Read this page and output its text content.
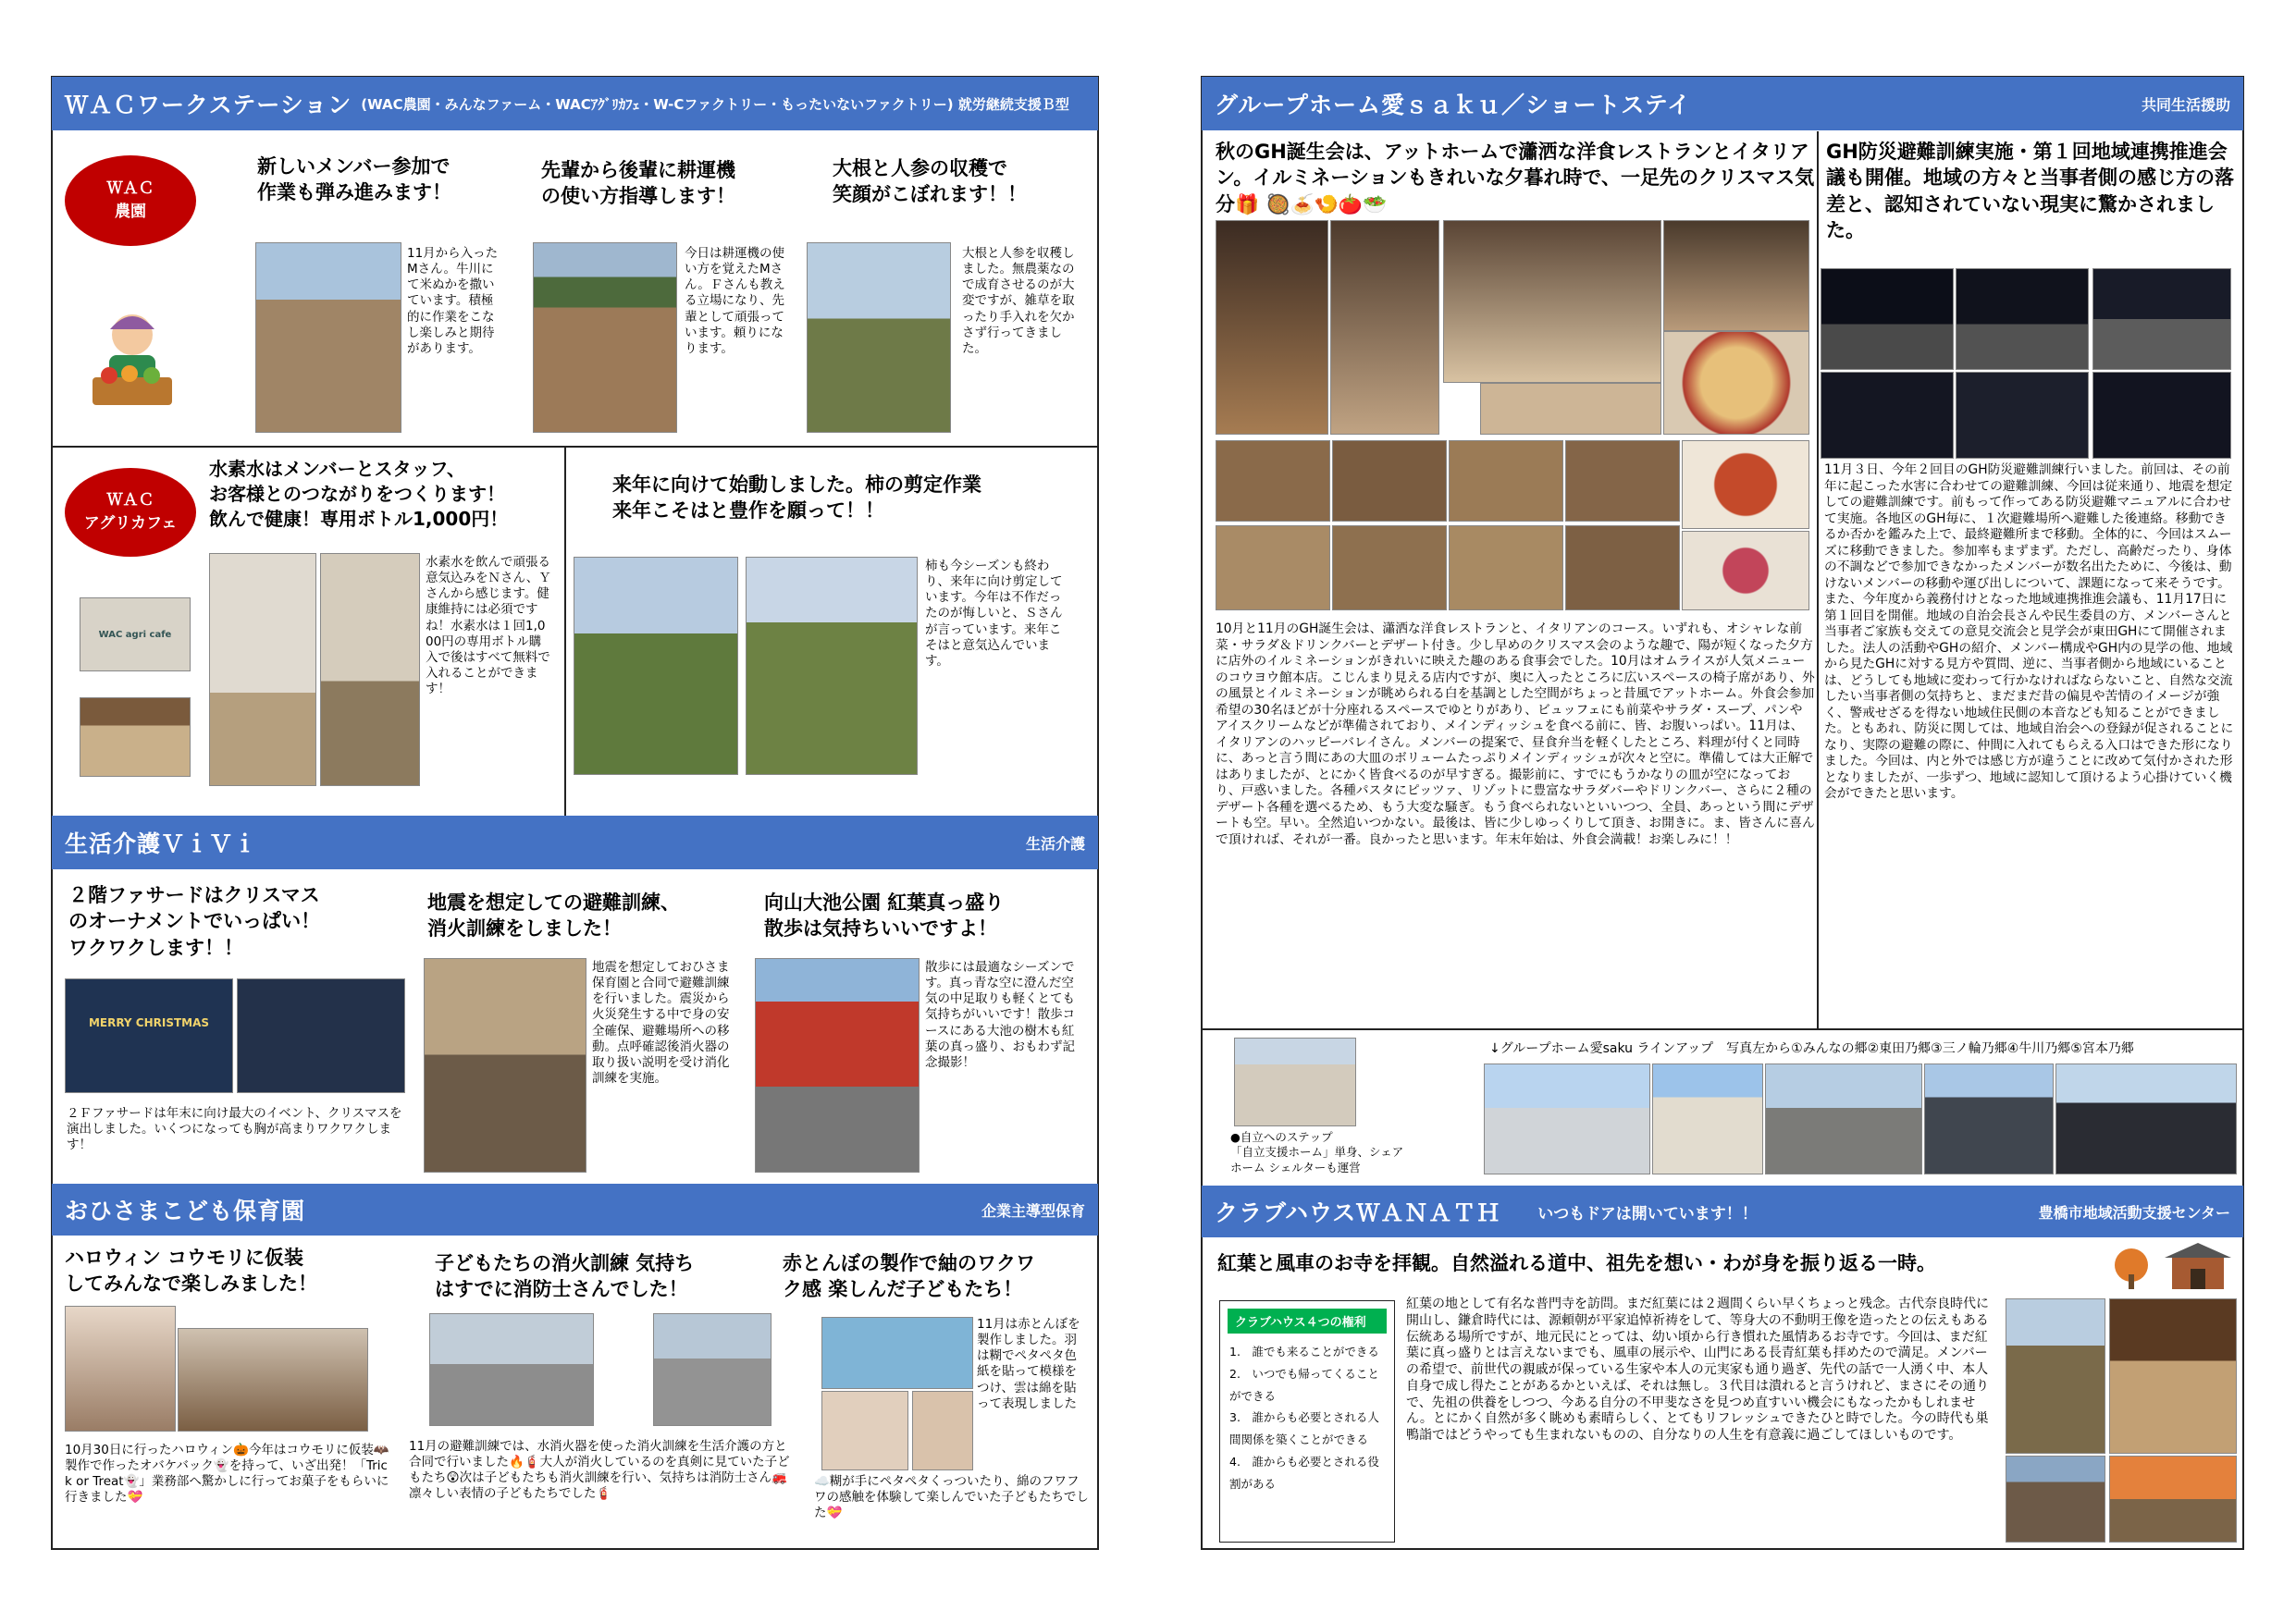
ＷＡＣワークステーション (WAC農園・みんなファーム・WACｱｸﾞﾘｶﾌｪ・W-Cファクトリー・もったいないファクトリー) 就労継続支援Ｂ型
ＷＡＣ
農園
新しいメンバー参加で
作業も弾み進みます！
11月から入ったMさん。牛川にて米ぬかを撒いています。積極的に作業をこなし楽しみと期待があります。
先輩から後輩に耕運機
の使い方指導します！
今日は耕運機の使い方を覚えたMさん。Ｆさんも教える立場になり、先輩として頑張っています。頼りになります。
大根と人参の収穫で
笑顔がこぼれます！！
大根と人参を収穫しました。無農薬なので成育させるのが大変ですが、雑草を取ったり手入れを欠かさず行ってきました。
ＷＡＣ
アグリカフェ
水素水はメンバーとスタッフ、
お客様とのつながりをつくります！
飲んで健康！専用ボトル1,000円！
WAC agri cafe
水素水を飲んで頑張る意気込みをＮさん、Ｙさんから感じます。健康維持には必須ですね！水素水は１回1,000円の専用ボトル購入で後はすべて無料で入れることができます！
来年に向けて始動しました。柿の剪定作業
来年こそはと豊作を願って！！
柿も今シーズンも終わり、来年に向け剪定しています。今年は不作だったのが悔しいと、Ｓさんが言っています。来年こそはと意気込んでいます。
生活介護ＶｉＶｉ	生活介護
２階ファサードはクリスマス
のオーナメントでいっぱい！
ワクワクします！！
MERRY CHRISTMAS
２Ｆファサードは年末に向け最大のイベント、クリスマスを演出しました。いくつになっても胸が高まりワクワクします！
地震を想定しての避難訓練、
消火訓練をしました！
地震を想定しておひさま保育園と合同で避難訓練を行いました。震災から火災発生する中で身の安全確保、避難場所への移動。点呼確認後消火器の取り扱い説明を受け消化訓練を実施。
向山大池公園 紅葉真っ盛り
散歩は気持ちいいですよ！
散歩には最適なシーズンです。真っ青な空に澄んだ空気の中足取りも軽くとても気持ちがいいです！散歩コースにある大池の樹木も紅葉の真っ盛り、おもわず記念撮影！
おひさまこども保育園	企業主導型保育
ハロウィン コウモリに仮装
してみんなで楽しみました！
10月30日に行ったハロウィン🎃今年はコウモリに仮装🦇製作で作ったオバケバック👻を持って、いざ出発！「Trick or Treat👻」業務部へ驚かしに行ってお菓子をもらいに行きました💝
子どもたちの消火訓練 気持ち
はすでに消防士さんでした！
11月の避難訓練では、水消火器を使った消火訓練を生活介護の方と合同で行いました🔥🧯大人が消火しているのを真剣に見ていた子どもたち😲次は子どもたちも消火訓練を行い、気持ちは消防士さん🚒凛々しい表情の子どもたちでした🧯
赤とんぼの製作で紬のワクワ
ク感 楽しんだ子どもたち！
11月は赤とんぼを製作しました。羽は糊でペタペタ色紙を貼って模様をつけ、雲は綿を貼って表現しました
☁️糊が手にペタペタくっついたり、綿のフワフワの感触を体験して楽しんでいた子どもたちでした💝
グループホーム愛ｓａｋｕ／ショートステイ	共同生活援助
秋のGH誕生会は、アットホームで瀟洒な洋食レストランとイタリアン。イルミネーションもきれいな夕暮れ時で、一足先のクリスマス気分🎁 🥘🍝🍤🍅🥗
10月と11月のGH誕生会は、瀟洒な洋食レストランと、イタリアンのコース。いずれも、オシャレな前菜・サラダ＆ドリンクバーとデザート付き。少し早めのクリスマス会のような趣で、陽が短くなった夕方に店外のイルミネーションがきれいに映えた趣のある食事会でした。10月はオムライスが人気メニューのコウヨウ館本店。こじんまり見える店内ですが、奥に入ったところに広いスペースの椅子席があり、外の風景とイルミネーションが眺められる白を基調とした空間がちょっと昔風でアットホーム。外食会参加希望の30名ほどが十分座れるスペースでゆとりがあり、ビュッフェにも前菜やサラダ・スープ、パンやアイスクリームなどが準備されており、メインディッシュを食べる前に、皆、お腹いっぱい。11月は、イタリアンのハッピーバレイさん。メンバーの提案で、昼食弁当を軽くしたところ、料理が付くと同時に、あっと言う間にあの大皿のボリュームたっぷりメインディッシュが次々と空に。準備しては大正解ではありましたが、とにかく皆食べるのが早すぎる。撮影前に、すでにもうかなりの皿が空になっており、戸惑いました。各種パスタにピッツァ、リゾットに豊富なサラダバーやドリンクバー、さらに２種のデザート各種を選べるため、もう大変な騒ぎ。もう食べられないといいつつ、全員、あっという間にデザートも空。早い。全然追いつかない。最後は、皆に少しゆっくりして頂き、お開きに。ま、皆さんに喜んで頂ければ、それが一番。良かったと思います。年末年始は、外食会満載！お楽しみに！！
GH防災避難訓練実施・第１回地域連携推進会議も開催。地域の方々と当事者側の感じ方の落差と、認知されていない現実に驚かされました。
11月３日、今年２回目のGH防災避難訓練行いました。前回は、その前年に起こった水害に合わせての避難訓練、今回は従来通り、地震を想定しての避難訓練です。前もって作ってある防災避難マニュアルに合わせて実施。各地区のGH毎に、１次避難場所へ避難した後連絡。移動できるか否かを鑑みた上で、最終避難所まで移動。全体的に、今回はスムーズに移動できました。参加率もまずまず。ただし、高齢だったり、身体の不調などで参加できなかったメンバーが数名出たために、今後は、動けないメンバーの移動や運び出しについて、課題になって来そうです。また、今年度から義務付けとなった地域連携推進会議も、11月17日に第１回目を開催。地域の自治会長さんや民生委員の方、メンバーさんと当事者ご家族も交えての意見交流会と見学会が東田GHにて開催されました。法人の活動やGHの紹介、メンバー構成やGH内の見学の他、地域から見たGHに対する見方や質問、逆に、当事者側から地域にいることは、どうしても地域に変わって行かなければならないこと、自然な交流したい当事者側の気持ちと、まだまだ昔の偏見や苦情のイメージが強く、警戒せざるを得ない地域住民側の本音なども知ることができました。ともあれ、防災に関しては、地域自治会への登録が促されることになり、実際の避難の際に、仲間に入れてもらえる入口はできた形になりました。今回は、内と外では感じ方が違うことに改めて気付かされた形となりましたが、一歩ずつ、地域に認知して頂けるよう心掛けていく機会ができたと思います。
●自立へのステップ
「自立支援ホーム」単身、シェア
ホーム シェルターも運営
↓グループホーム愛saku ラインアップ　写真左から①みんなの郷②東田乃郷③三ノ輪乃郷④牛川乃郷⑤宮本乃郷
クラブハウスＷＡＮＡＴＨ いつもドアは開いています！！	豊橋市地域活動支援センター
紅葉と風車のお寺を拝観。自然溢れる道中、祖先を想い・わが身を振り返る一時。
クラブハウス４つの権利
1.　誰でも来ることができる
2.　いつでも帰ってくることができる
3.　誰からも必要とされる人間関係を築くことができる
4.　誰からも必要とされる役割がある
紅葉の地として有名な普門寺を訪問。まだ紅葉には２週間くらい早くちょっと残念。古代奈良時代に開山し、鎌倉時代には、源頼朝が平家追悼祈祷をして、等身大の不動明王像を造ったとの伝えもある伝統ある場所ですが、地元民にとっては、幼い頃から行き慣れた風情あるお寺です。今回は、まだ紅葉に真っ盛りとは言えないまでも、風車の展示や、山門にある長青紅葉も拝めたので満足。メンバーの希望で、前世代の親戚が保っている生家や本人の元実家も通り過ぎ、先代の話で一人湧く中、本人自身で成し得たことがあるかといえば、それは無し。３代目は潰れると言うけれど、まさにその通りで、先祖の供養をしつつ、今ある自分の不甲斐なさを見つめ直すいい機会にもなったかもしれません。とにかく自然が多く眺めも素晴らしく、とてもリフレッシュできたひと時でした。今の時代も巣鴨詣ではどうやっても生まれないものの、自分なりの人生を有意義に過ごしてほしいものです。
